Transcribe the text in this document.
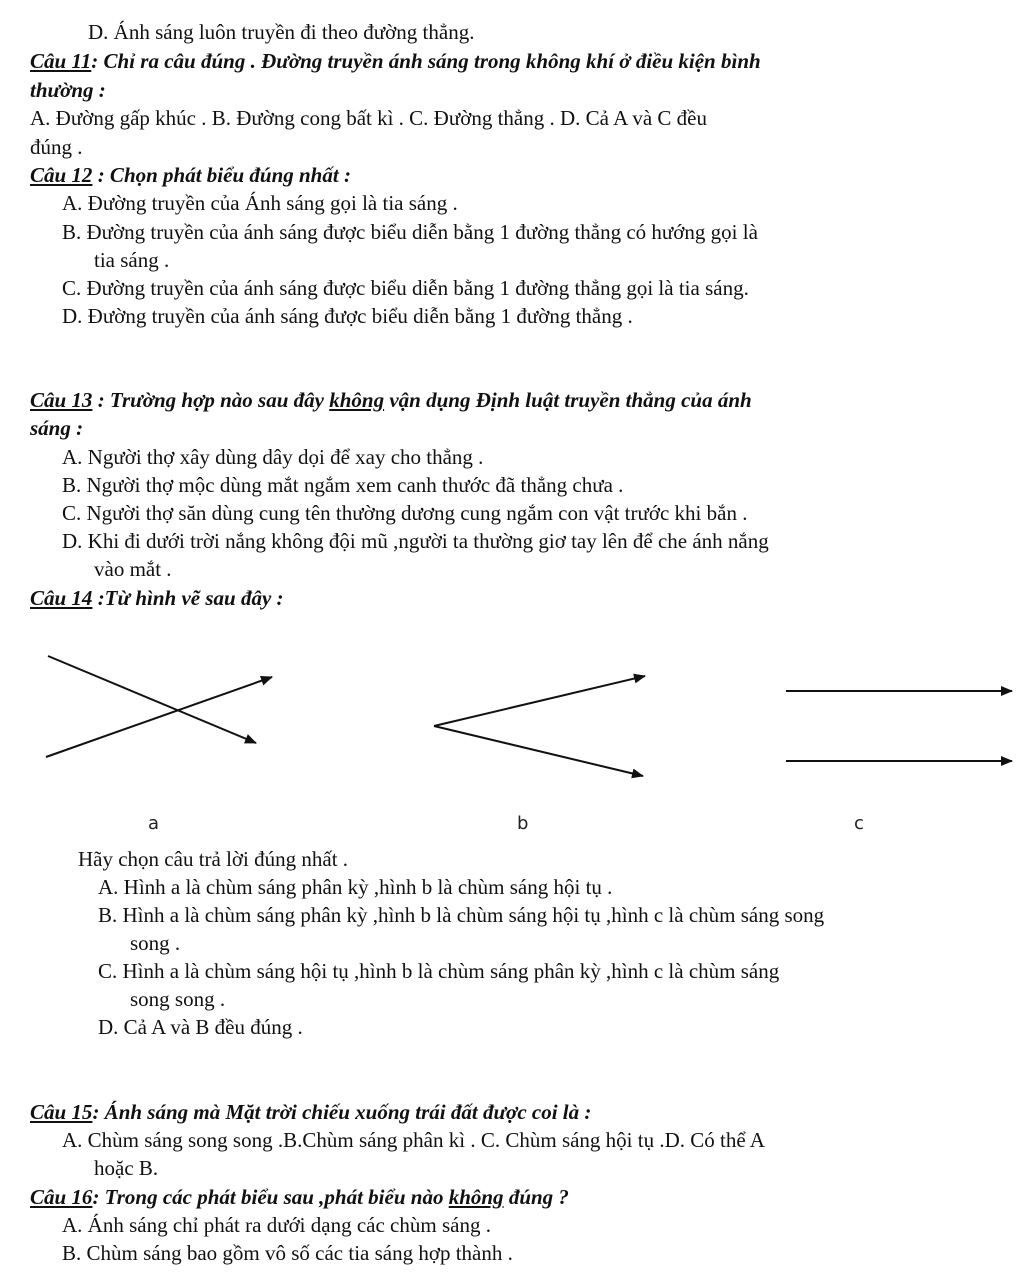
D. Ánh sáng luôn truyền đi theo đường thẳng.
Câu 11: Chỉ ra câu đúng . Đường truyền ánh sáng trong không khí ở điều kiện bình
thường :
A. Đường gấp khúc . B. Đường cong bất kì . C. Đường thẳng . D. Cả A và C đều
đúng .
Câu 12 : Chọn phát biểu đúng nhất :
A. Đường truyền của Ánh sáng gọi là tia sáng .
B. Đường truyền của ánh sáng được biểu diễn bằng 1 đường thẳng có hướng gọi là
tia sáng .
C. Đường truyền của ánh sáng được biểu diễn bằng 1 đường thẳng gọi là tia sáng.
D. Đường truyền của ánh sáng được biểu diễn bằng 1 đường thẳng .
Câu 13 : Trường hợp nào sau đây không vận dụng Định luật truyền thẳng của ánh
sáng :
A. Người thợ xây dùng dây dọi để xay cho thẳng .
B. Người thợ mộc dùng mắt ngắm xem canh thước đã thẳng chưa .
C. Người thợ săn dùng cung tên thường dương cung ngắm con vật trước khi bắn .
D. Khi đi dưới trời nắng không đội mũ ,người ta thường giơ tay lên để che ánh nắng
vào mắt .
Câu 14 :Từ hình vẽ sau đây :
a	b	c
Hãy chọn câu trả lời đúng nhất .
A. Hình a là chùm sáng phân kỳ ,hình b là chùm sáng hội tụ .
B. Hình a là chùm sáng phân kỳ ,hình b là chùm sáng hội tụ ,hình c là chùm sáng song
song .
C. Hình a là chùm sáng hội tụ ,hình b là chùm sáng phân kỳ ,hình c là chùm sáng
song song .
D. Cả A và B đều đúng .
Câu 15: Ánh sáng mà Mặt trời chiếu xuống trái đất được coi là :
A. Chùm sáng song song .B.Chùm sáng phân kì . C. Chùm sáng hội tụ .D. Có thể A
hoặc B.
Câu 16: Trong các phát biểu sau ,phát biểu nào không đúng ?
A. Ánh sáng chỉ phát ra dưới dạng các chùm sáng .
B. Chùm sáng bao gồm vô số các tia sáng hợp thành .
